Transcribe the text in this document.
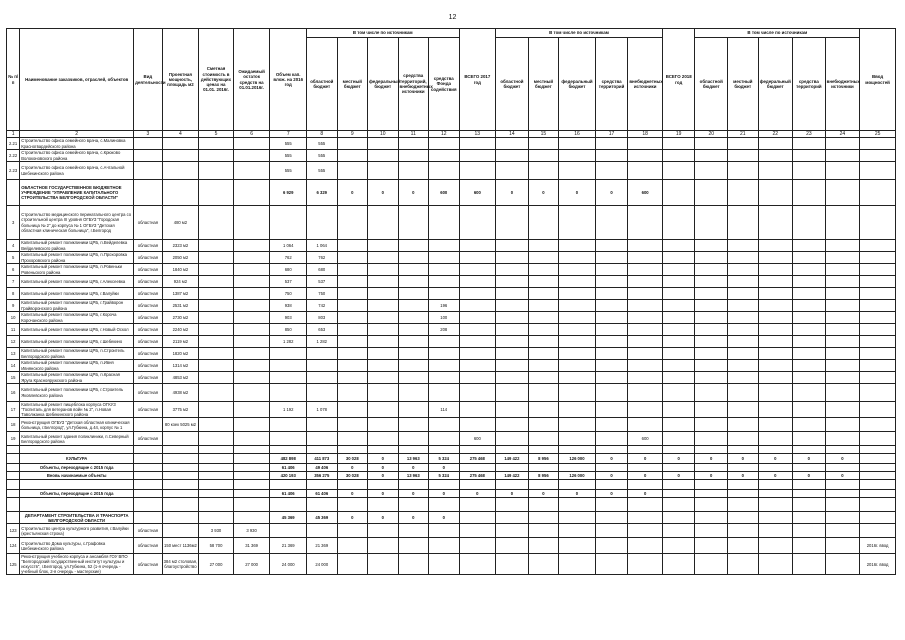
12
№ п/п	Наименование заказчиков, отраслей, объектов	Вид деятельности	Проектная мощность, площадь м2	Сметная стоимость в действующих ценах на 01.01. 2016г.	Ожидаемый остаток средств на 01.01.2016г.	Объем кап. влож. на 2016 год	В том числе по источникам					ВСЕГО 2017 год	В том числе по источникам					ВСЕГО 2018 год	В том числе по источникам					Ввод мощностей
							областной бюджет	местный бюджет	федеральный бюджет	средства территорий, внебюджетных источники	средства Фонда содействия		областной бюджет	местный бюджет	федеральный бюджет	средства территорий	внебюджетных источники		областной бюджет	местный бюджет	федеральный бюджет	средства территорий	внебюджетных источники	
1	2	3	4	5	6	7	8	9	10	11	12	13	14	15	16	17	18	19	20	21	22	23	24	25
2.21	Строительство офиса семейного врача, с.Малиновка Красногвардейского района					555	555																	
2.22	Строительство офиса семейного врача, с.Крюково Волоконовского района					555	555																	
2.23	Строительство офиса семейного врача, с.Ачтальной Шебекинского района					555	555																	
	ОБЛАСТНОЕ ГОСУДАРСТВЕННОЕ БЮДЖЕТНОЕ УЧРЕЖДЕНИЕ "УПРАВЛЕНИЕ КАПИТАЛЬНОГО СТРОИТЕЛЬСТВА БЕЛГОРОДСКОЙ ОБЛАСТИ"					6 929	6 329	0	0	0	600	600	0	0	0	0	600							
3	Строительство медицинского перинатального центра со строительной центра III уровня ОГБУЗ "Городская больница № 2" до корпуса № 1 ОГБУЗ "Детская областная клиническая больница", г.Белгород	областная	480 м2																					
4	Капитальный ремонт поликлиники ЦРБ, п.Вейделевка Вейделевского района	областная	2323 м2			1 064	1 064																	
5	Капитальный ремонт поликлиники ЦРБ, п.Прохоровка Прохоровского района	областная	2050 м2			762	762																	
6	Капитальный ремонт поликлиники ЦРБ, п.Ровеньки Ровеньского района	областная	1840 м2			680	680																	
7	Капитальный ремонт поликлиники ЦРБ, г.Алексеевка	областная	924 м2			537	537																	
8	Капитальный ремонт поликлиники ЦРБ, г.Валуйки	областная	1387 м2			750	750																	
9	Капитальный ремонт поликлиники ЦРБ, г.Грайворон Грайворонского района	областная	2531 м2			938	742				196													
10	Капитальный ремонт поликлиники ЦРБ, г.Короча Корочанского района	областная	2730 м2			903	803				100													
11	Капитальный ремонт поликлиники ЦРБ, г.Новый Оскол	областная	2240 м2			850	653				208													
12	Капитальный ремонт поликлиники ЦРБ, г.Шебекино	областная	2119 м2			1 282	1 282																	
13	Капитальный ремонт поликлиники ЦРБ, п.Строитель Белгородского района	областная	1820 м2																					
14	Капитальный ремонт поликлиники ЦРБ, п.Ивня Ивнянского района	областная	1314 м2																					
15	Капитальный ремонт поликлиники ЦРБ, п.Красная Яруга Краснояружского района	областная	4853 м2																					
16	Капитальный ремонт поликлиники ЦРБ, г.Строитель Яковлевского района	областная	4938 м2																					
17	Капитальный ремонт пищеблока корпуса ОГКУЗ "Госпиталь для ветеранов войн № 2", п.Новая Таволжанка Шебекинского района	областная	3775 м2			1 192	1 078				114													
18	Реконструкция ОГБУЗ "Детская областная клиническая больница, г.Белгород", ул.Губкина, д.44, корпус № 1		80 коек 5025 м2																					
19	Капитальный ремонт здания поликлиники, п.Северный Белгородского района	областная										600					600							

	КУЛЬТУРА					482 898	411 873	30 028	0	13 963	5 324	275 468	149 422	8 956	126 000	0	0	0	0	0	0	0	0	
	Объекты, переходящие с 2015 года					61 406	49 406	0	0	0	0													
	Вновь начинаемые объекты					420 193	356 275	30 028	0	13 963	5 324	275 468	149 422	8 956	126 000	0	0	0	0	0	0	0	0	

	Объекты, переходящие с 2015 года					61 406	61 406	0	0	0	0	0	0	0	0	0	0							

	ДЕПАРТАМЕНТ СТРОИТЕЛЬСТВА И ТРАНСПОРТА БЕЛГОРОДСКОЙ ОБЛАСТИ					45 369	45 369	0	0	0	0													
123	Строительство центра культурного развития, г.Валуйки (крестьянская строка)	областная		3 930	3 930																			
124	Строительство Дома культуры, с.Графовка Шебекинского района	областная	150 мест 1136м2	58 700	31 369	21 369	21 369																	2016г. ввод
125	Реконструкция учебного корпуса и ансамбля ГОУ ВПО "Белгородский государственный институт культуры и искусств", г.Белгород, ул.Губкина, 52 (1-я очередь - учебный блок, 2-я очередь - мастерские)	областная	384 м2 столовая, благоустройство	27 000	27 000	24 000	24 000																	2016г. ввод
